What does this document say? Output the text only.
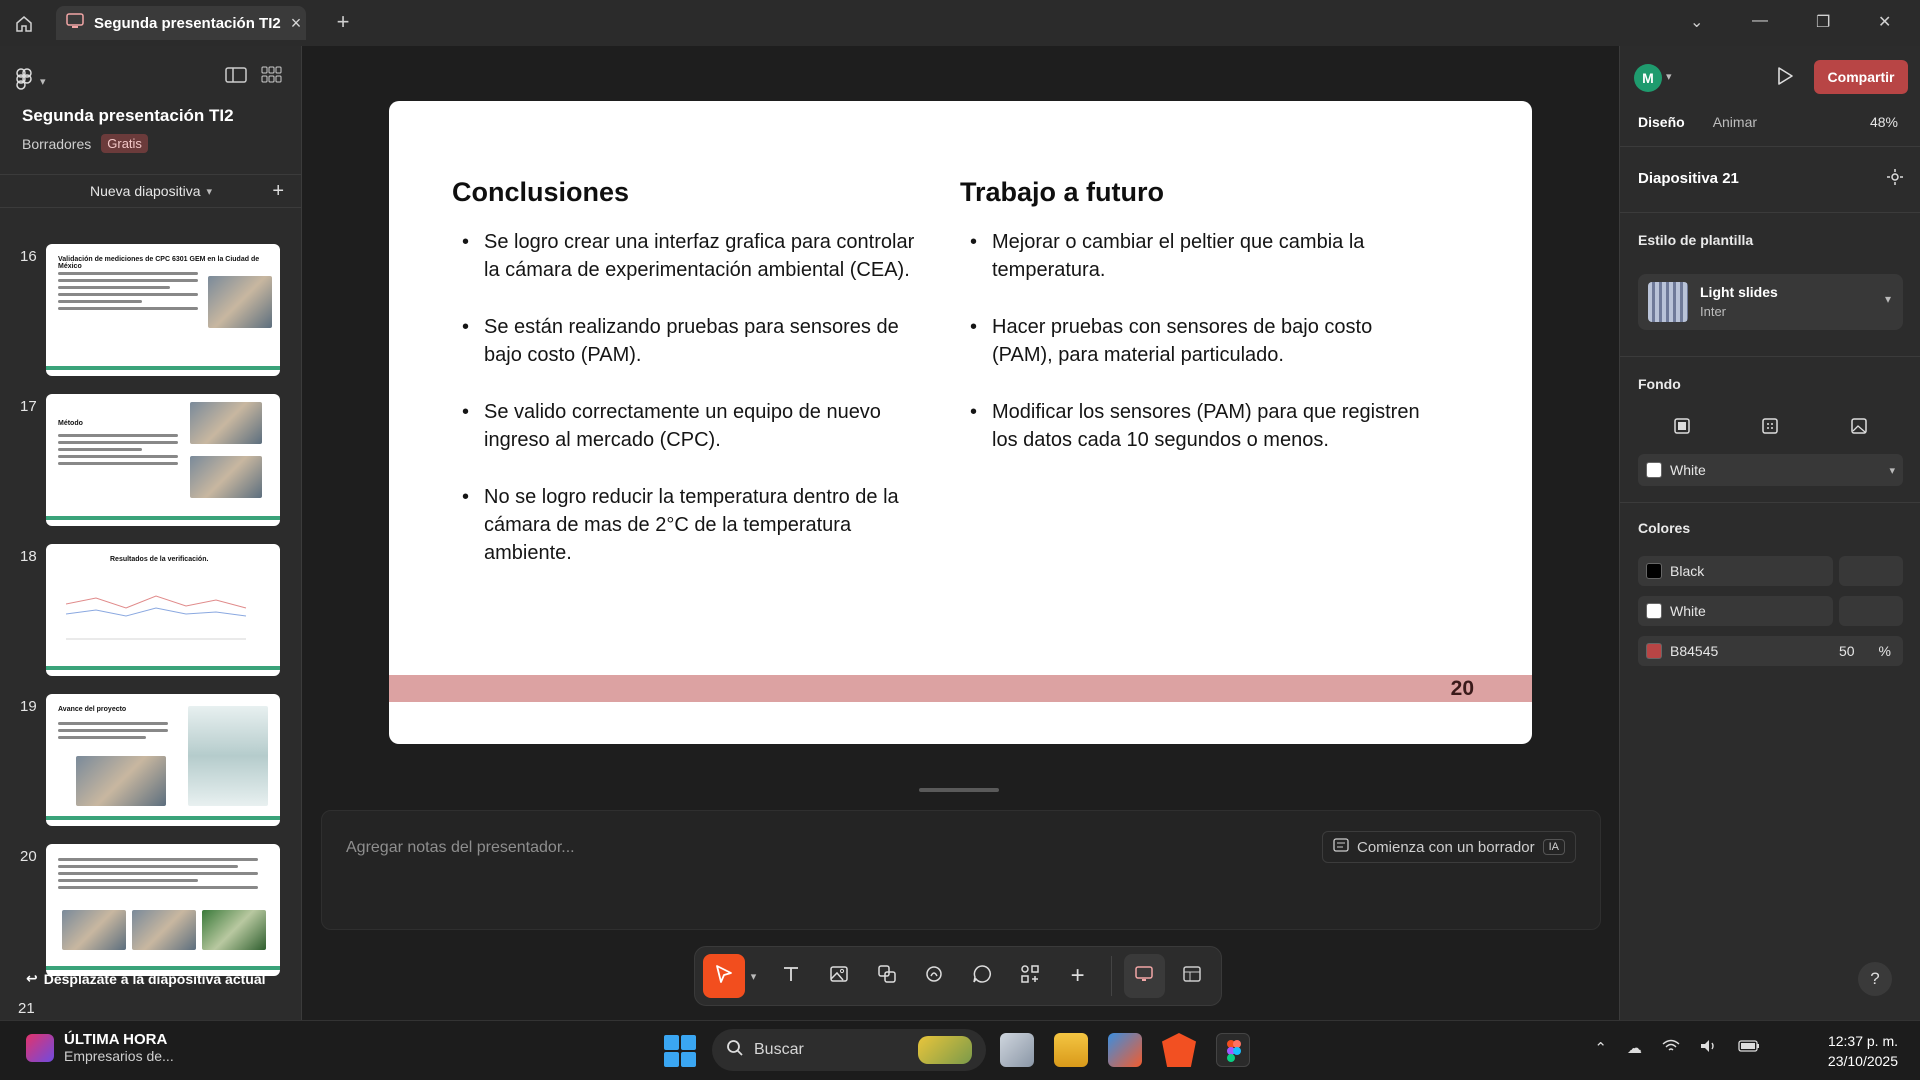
Segunda presentación TI2 × +	⌄	—	❐	✕
▾
Segunda presentación TI2
Borradores	Gratis
Nueva diapositiva ▾	+
16	Validación de mediciones de CPC 6301 GEM en la Ciudad de México
17
Método
18	Resultados de la verificación.
19	Avance del proyecto
20
↩ Desplázate a la diapositiva actual
21
Conclusiones
• Se logro crear una interfaz grafica para controlar la cámara de experimentación ambiental (CEA).
• Se están realizando pruebas para sensores de bajo costo (PAM).
• Se valido correctamente un equipo de nuevo ingreso al mercado (CPC).
• No se logro reducir la temperatura dentro de la cámara de mas de 2°C de la temperatura ambiente.
Trabajo a futuro
• Mejorar o cambiar el peltier que cambia la temperatura.
• Hacer pruebas con sensores de bajo costo (PAM), para material particulado.
• Modificar los sensores (PAM) para que registren los datos cada 10 segundos o menos.
20
Agregar notas del presentador...	Comienza con un borrador	IA
▾	+
M	▾	Compartir
Diseño Animar	48%
Diapositiva 21
Estilo de plantilla
Light slides
Inter
▾
Fondo
White	▾
Colores
Black
White
B84545	50 %
?
ÚLTIMA HORA
Empresarios de...	Buscar	⌃ ☁	12:37 p. m.
23/10/2025
